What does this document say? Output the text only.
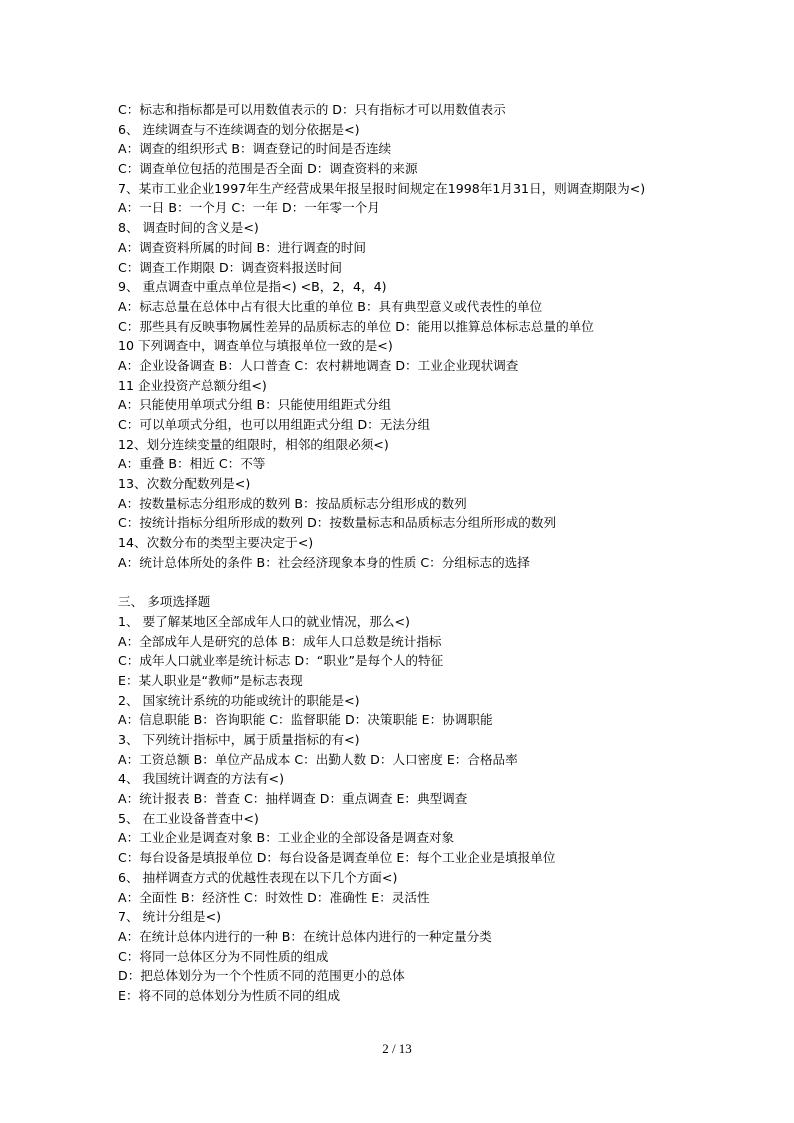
C：标志和指标都是可以用数值表示的 D：只有指标才可以用数值表示
6、 连续调查与不连续调查的划分依据是<)
A：调查的组织形式 B：调查登记的时间是否连续
C：调查单位包括的范围是否全面 D：调查资料的来源
7、某市工业企业1997年生产经营成果年报呈报时间规定在1998年1月31日，则调查期限为<)
A：一日 B：一个月 C：一年 D：一年零一个月
8、 调查时间的含义是<)
A：调查资料所属的时间 B：进行调查的时间
C：调查工作期限 D：调查资料报送时间
9、 重点调查中重点单位是指<) <B，2，4，4)
A：标志总量在总体中占有很大比重的单位 B：具有典型意义或代表性的单位
C：那些具有反映事物属性差异的品质标志的单位 D：能用以推算总体标志总量的单位
10 下列调查中，调查单位与填报单位一致的是<)
A：企业设备调查 B：人口普查 C：农村耕地调查 D：工业企业现状调查
11 企业投资产总额分组<)
A：只能使用单项式分组 B：只能使用组距式分组
C：可以单项式分组，也可以用组距式分组 D：无法分组
12、划分连续变量的组限时，相邻的组限必须<)
A：重叠 B：相近 C：不等
13、次数分配数列是<)
A：按数量标志分组形成的数列 B：按品质标志分组形成的数列
C：按统计指标分组所形成的数列 D：按数量标志和品质标志分组所形成的数列
14、次数分布的类型主要决定于<)
A：统计总体所处的条件 B：社会经济现象本身的性质 C：分组标志的选择
三、 多项选择题
1、 要了解某地区全部成年人口的就业情况，那么<)
A：全部成年人是研究的总体 B：成年人口总数是统计指标
C：成年人口就业率是统计标志 D：“职业”是每个人的特征
E：某人职业是“教师”是标志表现
2、 国家统计系统的功能或统计的职能是<)
A：信息职能 B：咨询职能 C：监督职能 D：决策职能 E：协调职能
3、 下列统计指标中，属于质量指标的有<)
A：工资总额 B：单位产品成本 C：出勤人数 D：人口密度 E：合格品率
4、 我国统计调查的方法有<)
A：统计报表 B：普查 C：抽样调查 D：重点调查 E：典型调查
5、 在工业设备普查中<)
A：工业企业是调查对象 B：工业企业的全部设备是调查对象
C：每台设备是填报单位 D：每台设备是调查单位 E：每个工业企业是填报单位
6、 抽样调查方式的优越性表现在以下几个方面<)
A：全面性 B：经济性 C：时效性 D：准确性 E：灵活性
7、 统计分组是<)
A：在统计总体内进行的一种 B：在统计总体内进行的一种定量分类
C：将同一总体区分为不同性质的组成
D：把总体划分为一个个性质不同的范围更小的总体
E：将不同的总体划分为性质不同的组成
2 / 13
